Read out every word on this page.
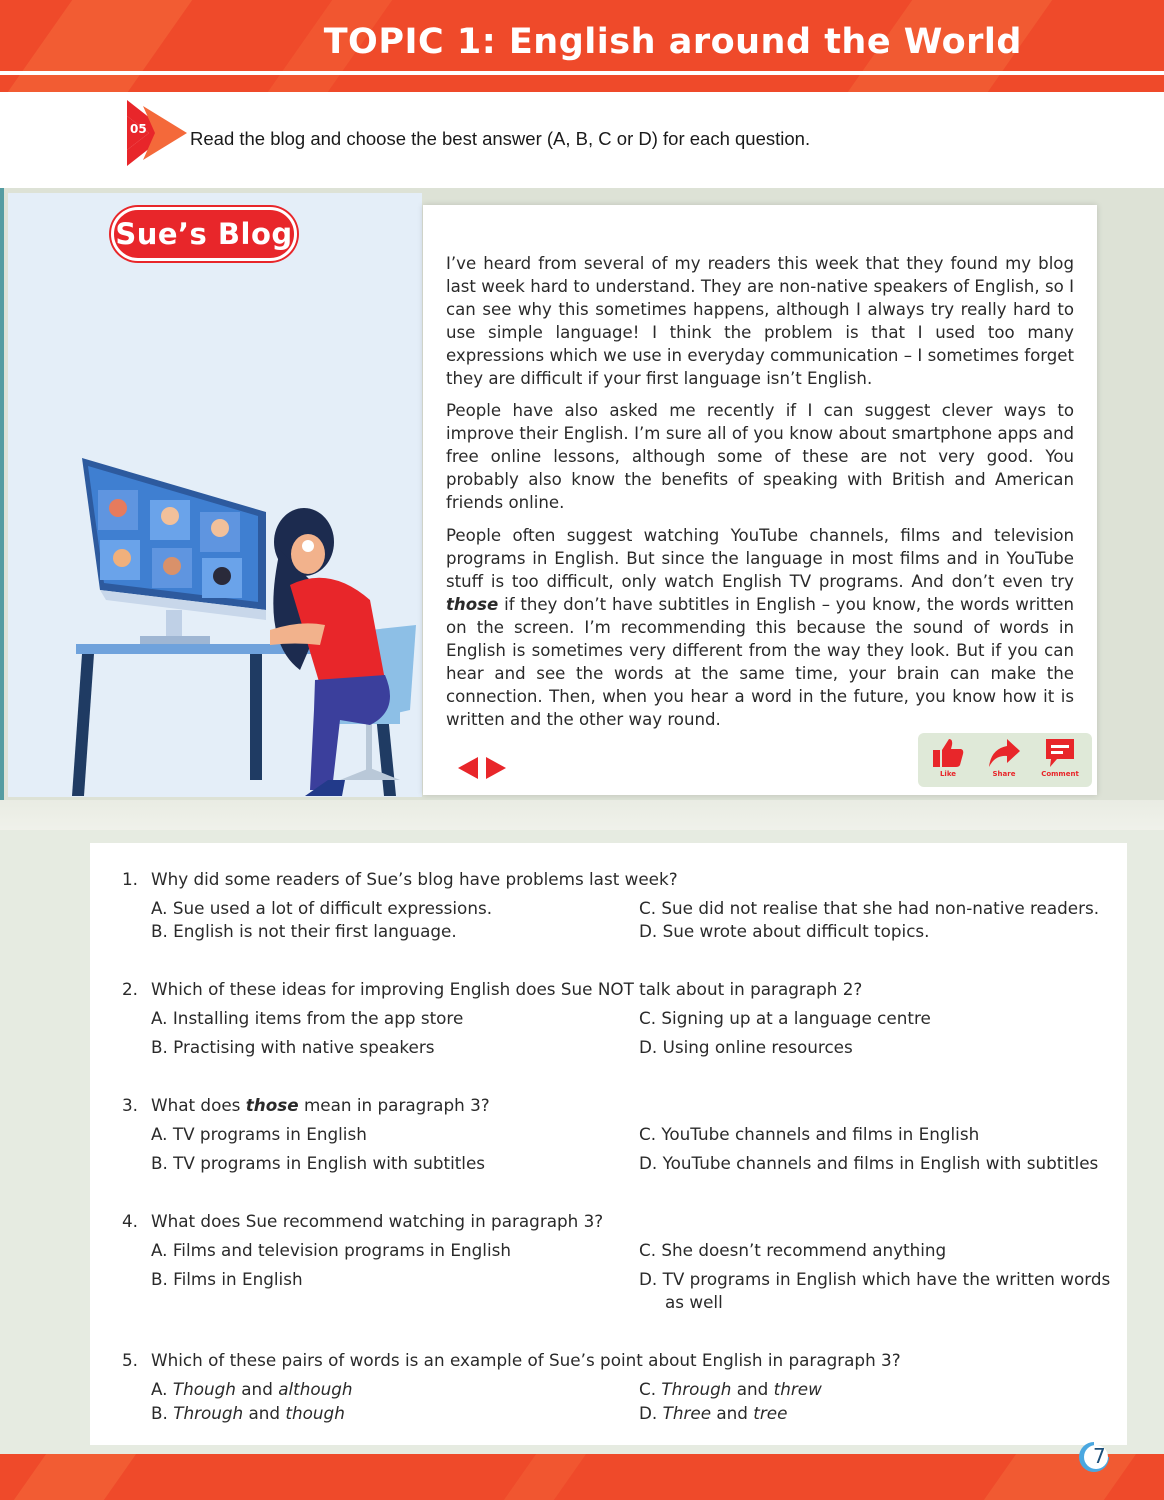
TOPIC 1: English around the World
05 Read the blog and choose the best answer (A, B, C or D) for each question.
Sue’s Blog

I’ve heard from several of my readers this week that they found my blog last week hard to understand. They are non-native speakers of English, so I can see why this sometimes happens, although I always try really hard to use simple language! I think the problem is that I used too many expressions which we use in everyday communication – I sometimes forget they are difficult if your first language isn’t English.

People have also asked me recently if I can suggest clever ways to improve their English. I’m sure all of you know about smartphone apps and free online lessons, although some of these are not very good. You probably also know the benefits of speaking with British and American friends online.

People often suggest watching YouTube channels, films and television programs in English. But since the language in most films and in YouTube stuff is too difficult, only watch English TV programs. And don’t even try those if they don’t have subtitles in English – you know, the words written on the screen. I’m recommending this because the sound of words in English is sometimes very different from the way they look. But if you can hear and see the words at the same time, your brain can make the connection. Then, when you hear a word in the future, you know how it is written and the other way round.

Like	Share	Comment
1. Why did some readers of Sue’s blog have problems last week?
A. Sue used a lot of difficult expressions.
B. English is not their first language.
C. Sue did not realise that she had non-native readers.
D. Sue wrote about difficult topics.
2. Which of these ideas for improving English does Sue NOT talk about in paragraph 2?
A. Installing items from the app store
B. Practising with native speakers
C. Signing up at a language centre
D. Using online resources
3. What does those mean in paragraph 3?
A. TV programs in English
B. TV programs in English with subtitles
C. YouTube channels and films in English
D. YouTube channels and films in English with subtitles
4. What does Sue recommend watching in paragraph 3?
A. Films and television programs in English
B. Films in English
C. She doesn’t recommend anything
D. TV programs in English which have the written words
as well
5. Which of these pairs of words is an example of Sue’s point about English in paragraph 3?
A. Though and although
B. Through and though
C. Through and threw
D. Three and tree
7
